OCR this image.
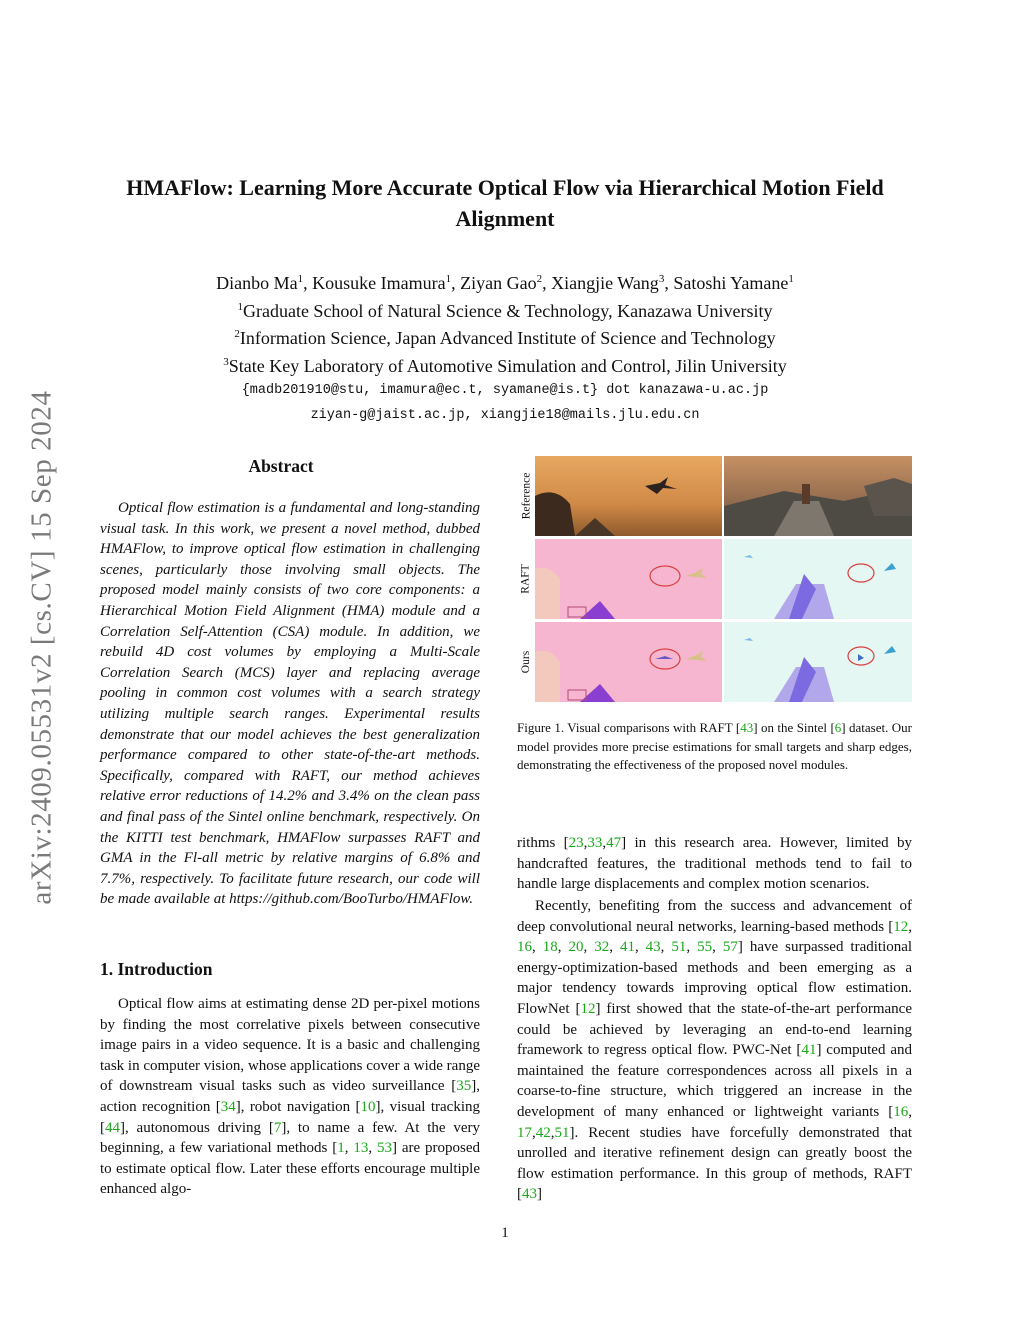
arXiv:2409.05531v2 [cs.CV] 15 Sep 2024
HMAFlow: Learning More Accurate Optical Flow via Hierarchical Motion Field
Alignment
Dianbo Ma$^1$, Kousuke Imamura$^1$, Ziyan Gao$^2$, Xiangjie Wang$^3$, Satoshi Yamane$^1$
$^1$Graduate School of Natural Science & Technology, Kanazawa University
$^2$Information Science, Japan Advanced Institute of Science and Technology
$^3$State Key Laboratory of Automotive Simulation and Control, Jilin University
{madb201910@stu, imamura@ec.t, syamane@is.t} dot kanazawa-u.ac.jp
ziyan-g@jaist.ac.jp, xiangjie18@mails.jlu.edu.cn
Abstract

Optical flow estimation is a fundamental and long-standing visual task. In this work, we present a novel method, dubbed HMAFlow, to improve optical flow estimation in challenging scenes, particularly those involving small objects. The proposed model mainly consists of two core components: a Hierarchical Motion Field Alignment (HMA) module and a Correlation Self-Attention (CSA) module. In addition, we rebuild 4D cost volumes by employing a Multi-Scale Correlation Search (MCS) layer and replacing average pooling in common cost volumes with a search strategy utilizing multiple search ranges. Experimental results demonstrate that our model achieves the best generalization performance compared to other state-of-the-art methods. Specifically, compared with RAFT, our method achieves relative error reductions of 14.2% and 3.4% on the clean pass and final pass of the Sintel online benchmark, respectively. On the KITTI test benchmark, HMAFlow surpasses RAFT and GMA in the Fl-all metric by relative margins of 6.8% and 7.7%, respectively. To facilitate future research, our code will be made available at https://github.com/BooTurbo/HMAFlow.

1. Introduction

Optical flow aims at estimating dense 2D per-pixel motions by finding the most correlative pixels between consecutive image pairs in a video sequence. It is a basic and challenging task in computer vision, whose applications cover a wide range of downstream visual tasks such as video surveillance [35], action recognition [34], robot navigation [10], visual tracking [44], autonomous driving [7], to name a few. At the very beginning, a few variational methods [1, 13, 53] are proposed to estimate optical flow. Later these efforts encourage multiple enhanced algo-

Reference
RAFT
Ours

Figure 1. Visual comparisons with RAFT [43] on the Sintel [6] dataset. Our model provides more precise estimations for small targets and sharp edges, demonstrating the effectiveness of the proposed novel modules.

rithms [23,33,47] in this research area. However, limited by handcrafted features, the traditional methods tend to fail to handle large displacements and complex motion scenarios.

Recently, benefiting from the success and advancement of deep convolutional neural networks, learning-based methods [12, 16, 18, 20, 32, 41, 43, 51, 55, 57] have surpassed traditional energy-optimization-based methods and been emerging as a major tendency towards improving optical flow estimation. FlowNet [12] first showed that the state-of-the-art performance could be achieved by leveraging an end-to-end learning framework to regress optical flow. PWC-Net [41] computed and maintained the feature correspondences across all pixels in a coarse-to-fine structure, which triggered an increase in the development of many enhanced or lightweight variants [16, 17,42,51]. Recent studies have forcefully demonstrated that unrolled and iterative refinement design can greatly boost the flow estimation performance. In this group of methods, RAFT [43]

1
